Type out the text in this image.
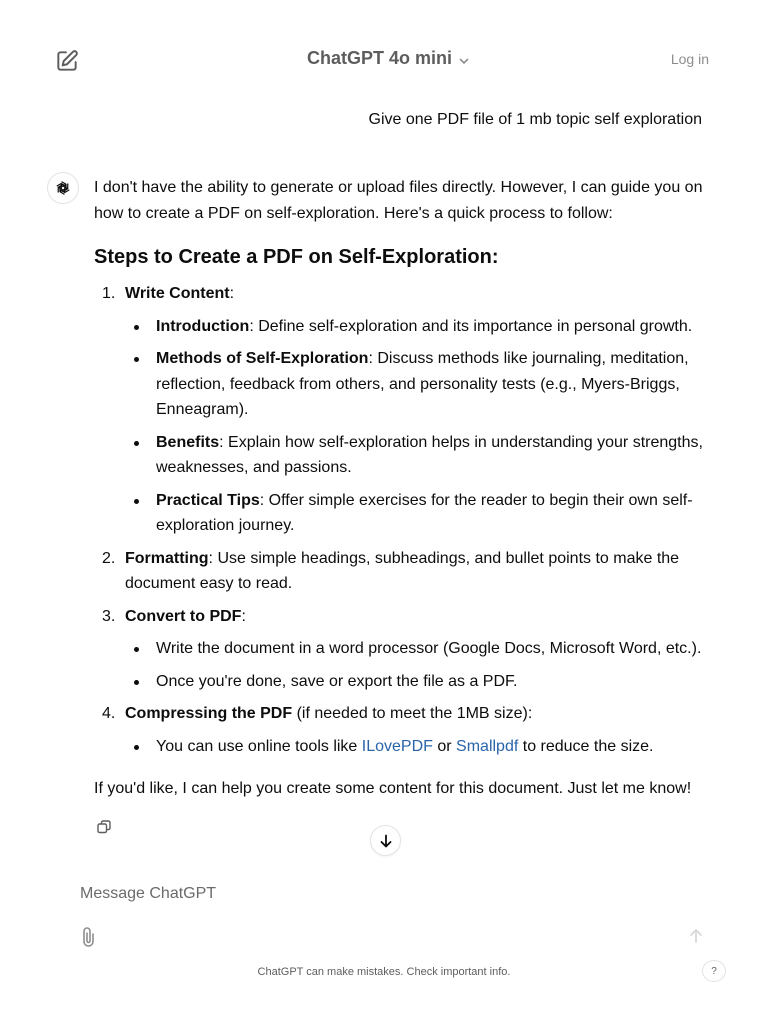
ChatGPT 4o mini	Log in
Give one PDF file of 1 mb topic self exploration

I don't have the ability to generate or upload files directly. However, I can guide you on how to create a PDF on self-exploration. Here's a quick process to follow:

Steps to Create a PDF on Self-Exploration:
1. Write Content:
Introduction: Define self-exploration and its importance in personal growth.
Methods of Self-Exploration: Discuss methods like journaling, meditation, reflection, feedback from others, and personality tests (e.g., Myers-Briggs, Enneagram).
Benefits: Explain how self-exploration helps in understanding your strengths, weaknesses, and passions.
Practical Tips: Offer simple exercises for the reader to begin their own self-exploration journey.
2. Formatting: Use simple headings, subheadings, and bullet points to make the document easy to read.
3. Convert to PDF:
Write the document in a word processor (Google Docs, Microsoft Word, etc.).
Once you're done, save or export the file as a PDF.
4. Compressing the PDF (if needed to meet the 1MB size):
You can use online tools like ILovePDF or Smallpdf to reduce the size.

If you'd like, I can help you create some content for this document. Just let me know!

Message ChatGPT
ChatGPT can make mistakes. Check important info.	?
